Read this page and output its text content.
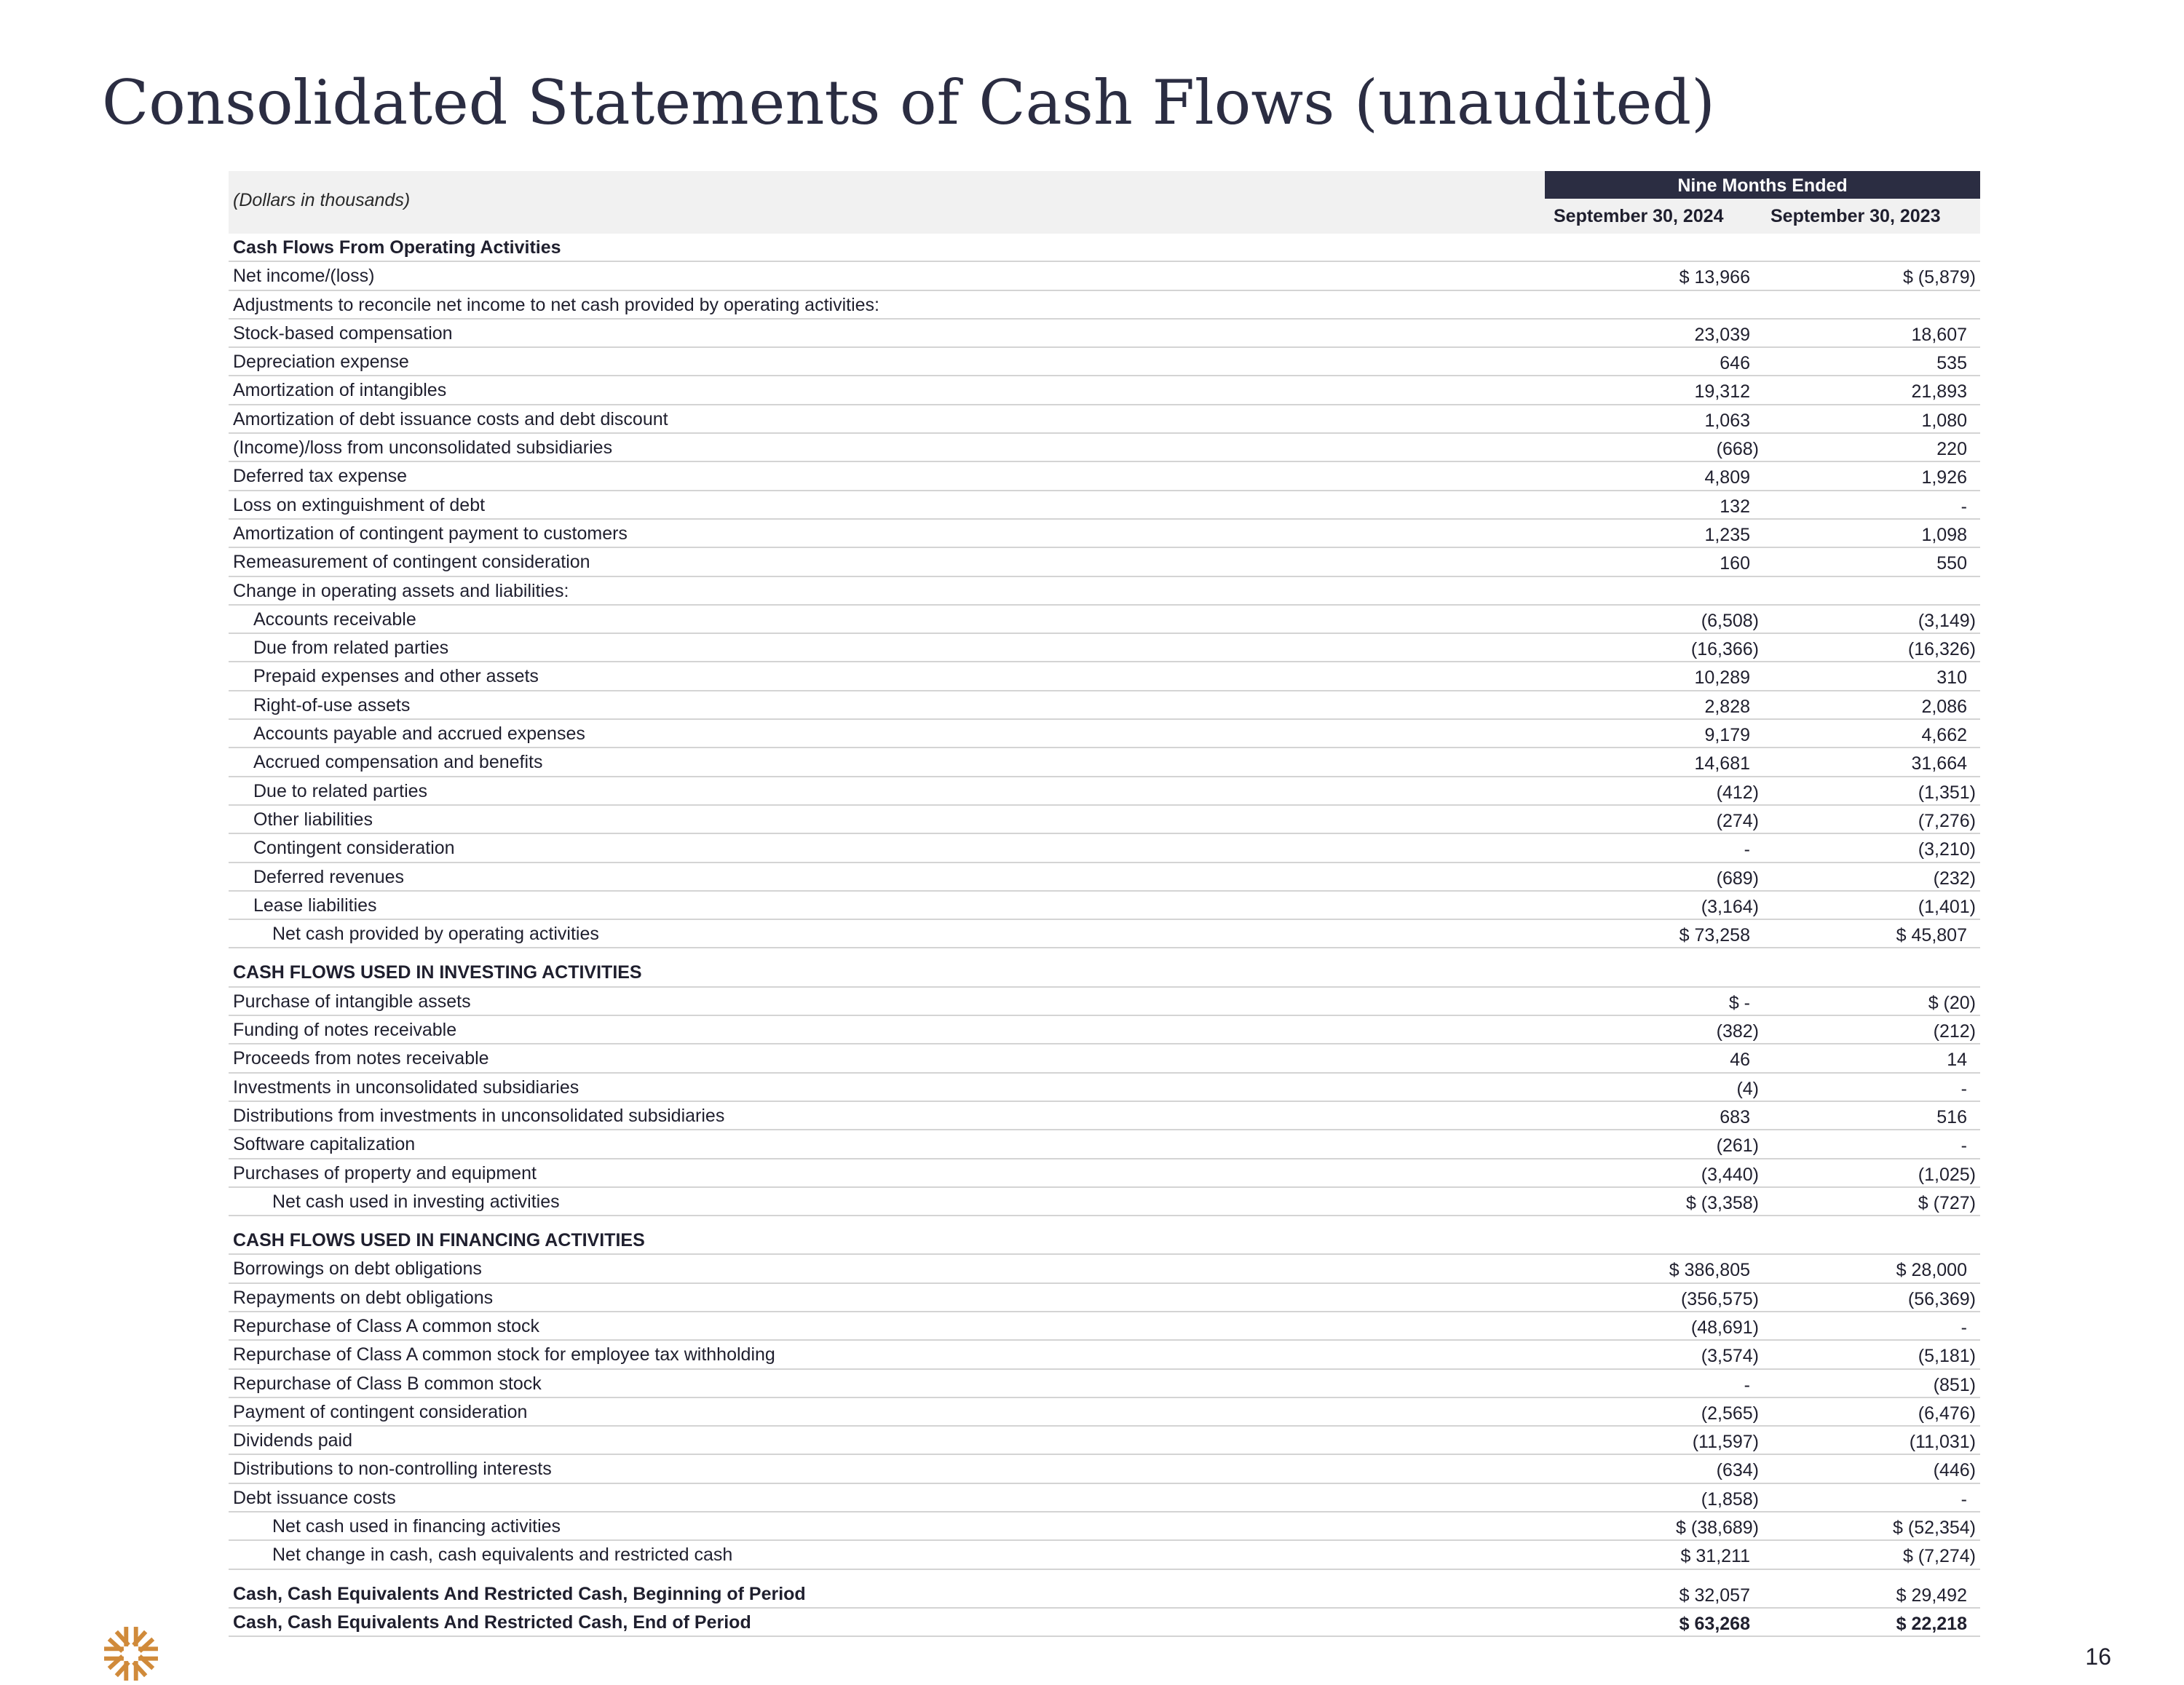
Consolidated Statements of Cash Flows (unaudited)
(Dollars in thousands)
Nine Months Ended
September 30, 2024	September 30, 2023
Cash Flows From Operating Activities
Net income/(loss)	$ 13,966	$ (5,879)
Adjustments to reconcile net income to net cash provided by operating activities:
Stock-based compensation	23,039	18,607
Depreciation expense	646	535
Amortization of intangibles	19,312	21,893
Amortization of debt issuance costs and debt discount	1,063	1,080
(Income)/loss from unconsolidated subsidiaries	(668)	220
Deferred tax expense	4,809	1,926
Loss on extinguishment of debt	132	-
Amortization of contingent payment to customers	1,235	1,098
Remeasurement of contingent consideration	160	550
Change in operating assets and liabilities:
Accounts receivable	(6,508)	(3,149)
Due from related parties	(16,366)	(16,326)
Prepaid expenses and other assets	10,289	310
Right-of-use assets	2,828	2,086
Accounts payable and accrued expenses	9,179	4,662
Accrued compensation and benefits	14,681	31,664
Due to related parties	(412)	(1,351)
Other liabilities	(274)	(7,276)
Contingent consideration	-	(3,210)
Deferred revenues	(689)	(232)
Lease liabilities	(3,164)	(1,401)
Net cash provided by operating activities	$ 73,258	$ 45,807
CASH FLOWS USED IN INVESTING ACTIVITIES
Purchase of intangible assets	$ -	$ (20)
Funding of notes receivable	(382)	(212)
Proceeds from notes receivable	46	14
Investments in unconsolidated subsidiaries	(4)	-
Distributions from investments in unconsolidated subsidiaries	683	516
Software capitalization	(261)	-
Purchases of property and equipment	(3,440)	(1,025)
Net cash used in investing activities	$ (3,358)	$ (727)
CASH FLOWS USED IN FINANCING ACTIVITIES
Borrowings on debt obligations	$ 386,805	$ 28,000
Repayments on debt obligations	(356,575)	(56,369)
Repurchase of Class A common stock	(48,691)	-
Repurchase of Class A common stock for employee tax withholding	(3,574)	(5,181)
Repurchase of Class B common stock	-	(851)
Payment of contingent consideration	(2,565)	(6,476)
Dividends paid	(11,597)	(11,031)
Distributions to non-controlling interests	(634)	(446)
Debt issuance costs	(1,858)	-
Net cash used in financing activities	$ (38,689)	$ (52,354)
Net change in cash, cash equivalents and restricted cash	$ 31,211	$ (7,274)
Cash, Cash Equivalents And Restricted Cash, Beginning of Period	$ 32,057	$ 29,492
Cash, Cash Equivalents And Restricted Cash, End of Period	$ 63,268	$ 22,218
16
